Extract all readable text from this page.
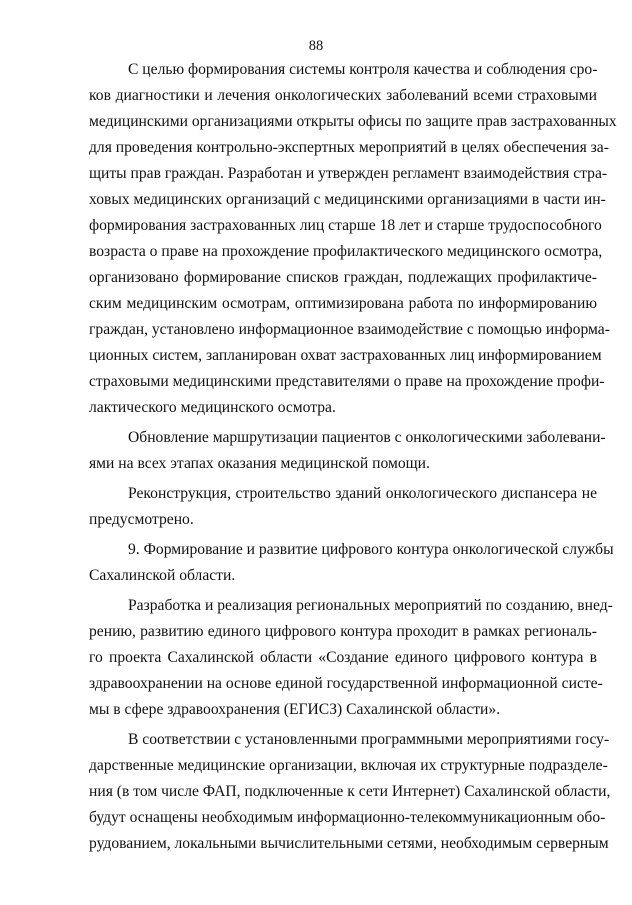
88
С целью формирования системы контроля качества и соблюдения сро-
ков диагностики и лечения онкологических заболеваний всеми страховыми
медицинскими организациями открыты офисы по защите прав застрахованных
для проведения контрольно-экспертных мероприятий в целях обеспечения за-
щиты прав граждан. Разработан и утвержден регламент взаимодействия стра-
ховых медицинских организаций с медицинскими организациями в части ин-
формирования застрахованных лиц старше 18 лет и старше трудоспособного
возраста о праве на прохождение профилактического медицинского осмотра,
организовано формирование списков граждан, подлежащих профилактиче-
ским медицинским осмотрам, оптимизирована работа по информированию
граждан, установлено информационное взаимодействие с помощью информа-
ционных систем, запланирован охват застрахованных лиц информированием
страховыми медицинскими представителями о праве на прохождение профи-
лактического медицинского осмотра.
Обновление маршрутизации пациентов с онкологическими заболевани-
ями на всех этапах оказания медицинской помощи.
Реконструкция, строительство зданий онкологического диспансера не
предусмотрено.
9. Формирование и развитие цифрового контура онкологической службы
Сахалинской области.
Разработка и реализация региональных мероприятий по созданию, внед-
рению, развитию единого цифрового контура проходит в рамках региональ-
го проекта Сахалинской области «Создание единого цифрового контура в
здравоохранении на основе единой государственной информационной систе-
мы в сфере здравоохранения (ЕГИСЗ) Сахалинской области».
В соответствии с установленными программными мероприятиями госу-
дарственные медицинские организации, включая их структурные подразделе-
ния (в том числе ФАП, подключенные к сети Интернет) Сахалинской области,
будут оснащены необходимым информационно-телекоммуникационным обо-
рудованием, локальными вычислительными сетями, необходимым серверным
